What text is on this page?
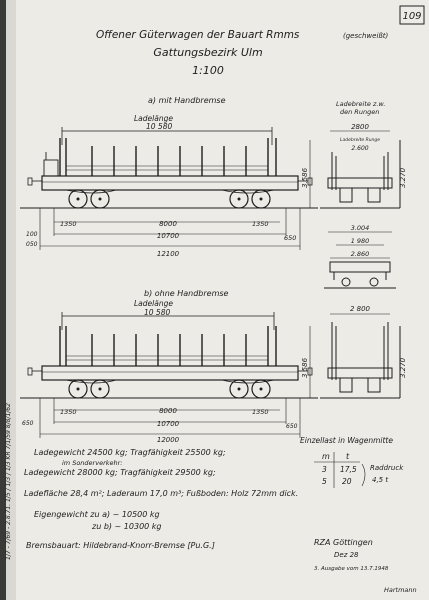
109
1/7 - 7/69 - 2.8.71. 1/5 / 1/3 / 1/3 KR 7/1/59 8/8/1/62
Offener Güterwagen der Bauart Rmms	(geschweißt)
Gattungsbezirk Ulm
1:100
a) mit Handbremse
Ladelänge
10 580
1350	1350
8000
10700
12100
650
100
050
3.586
Ladebreite z.w.
den Rungen
2800
Ladebreite Runge
2.600
3.270
3.004
1 980
2.860
b) ohne Handbremse
Ladelänge
10 580
1350	1350
8000
10700
12000
650	650
3 586
2 800
3.270
Ladegewicht 24500 kg; Tragfähigkeit 25500 kg;
im Sonderverkehr:
Ladegewicht 28000 kg; Tragfähigkeit 29500 kg;
Ladefläche 28,4 m²; Laderaum 17,0 m³; Fußboden: Holz 72mm dick.
Eigengewicht zu a) ~ 10500 kg
zu b) ~ 10300 kg
Bremsbauart: Hildebrand-Knorr-Bremse [Pu.G.]
Einzellast in Wagenmitte
m t
3 17,5
5 20
Raddruck
4,5 t
RZA Göttingen
Dez 28
3. Ausgabe vom 13.7.1948
Hartmann
